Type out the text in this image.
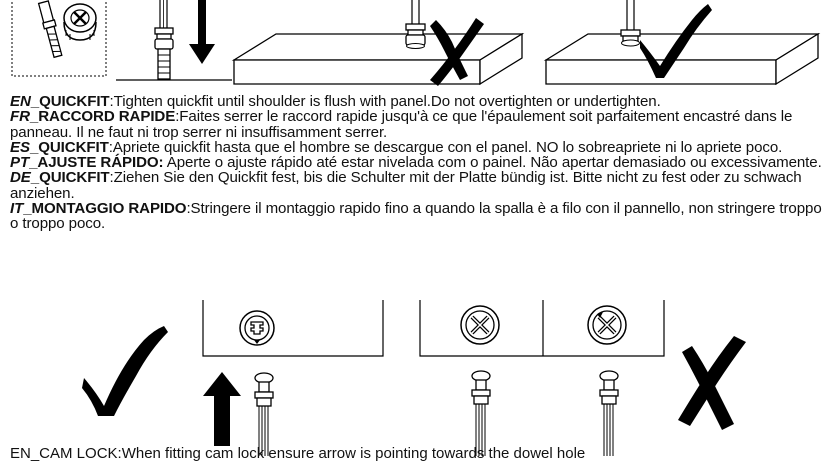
EN_QUICKFIT:Tighten quickfit until shoulder is flush with panel.Do not overtighten or undertighten.

FR_RACCORD RAPIDE:Faites serrer le raccord rapide jusqu'à ce que l'épaulement soit parfaitement encastré dans le panneau. Il ne faut ni trop serrer ni insuffisamment serrer.

ES_QUICKFIT:Apriete quickfit hasta que el hombre se descargue con el panel. NO lo sobreapriete ni lo apriete poco.

PT_AJUSTE RÁPIDO: Aperte o ajuste rápido até estar nivelada com o painel. Não apertar demasiado ou excessivamente.

DE_QUICKFIT:Ziehen Sie den Quickfit fest, bis die Schulter mit der Platte bündig ist. Bitte nicht zu fest oder zu schwach anziehen.

IT_MONTAGGIO RAPIDO:Stringere il montaggio rapido fino a quando la spalla è a filo con il pannello, non stringere troppo o troppo poco.

EN_CAM LOCK:When fitting cam lock ensure arrow is pointing towards the dowel hole
